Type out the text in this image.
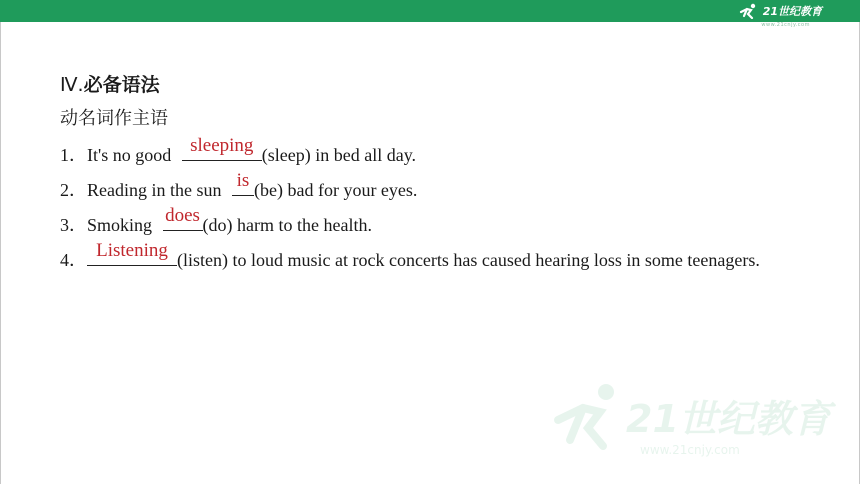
21世纪教育
www.21cnjy.com
Ⅳ.必备语法
动名词作主语
1．It's no good sleeping (sleep) in bed all day.
2．Reading in the sun is (be) bad for your eyes.
3．Smoking does (do) harm to the health.
4． Listening (listen) to loud music at rock concerts has caused hearing loss in some teenagers.
21世纪教育
www.21cnjy.com
